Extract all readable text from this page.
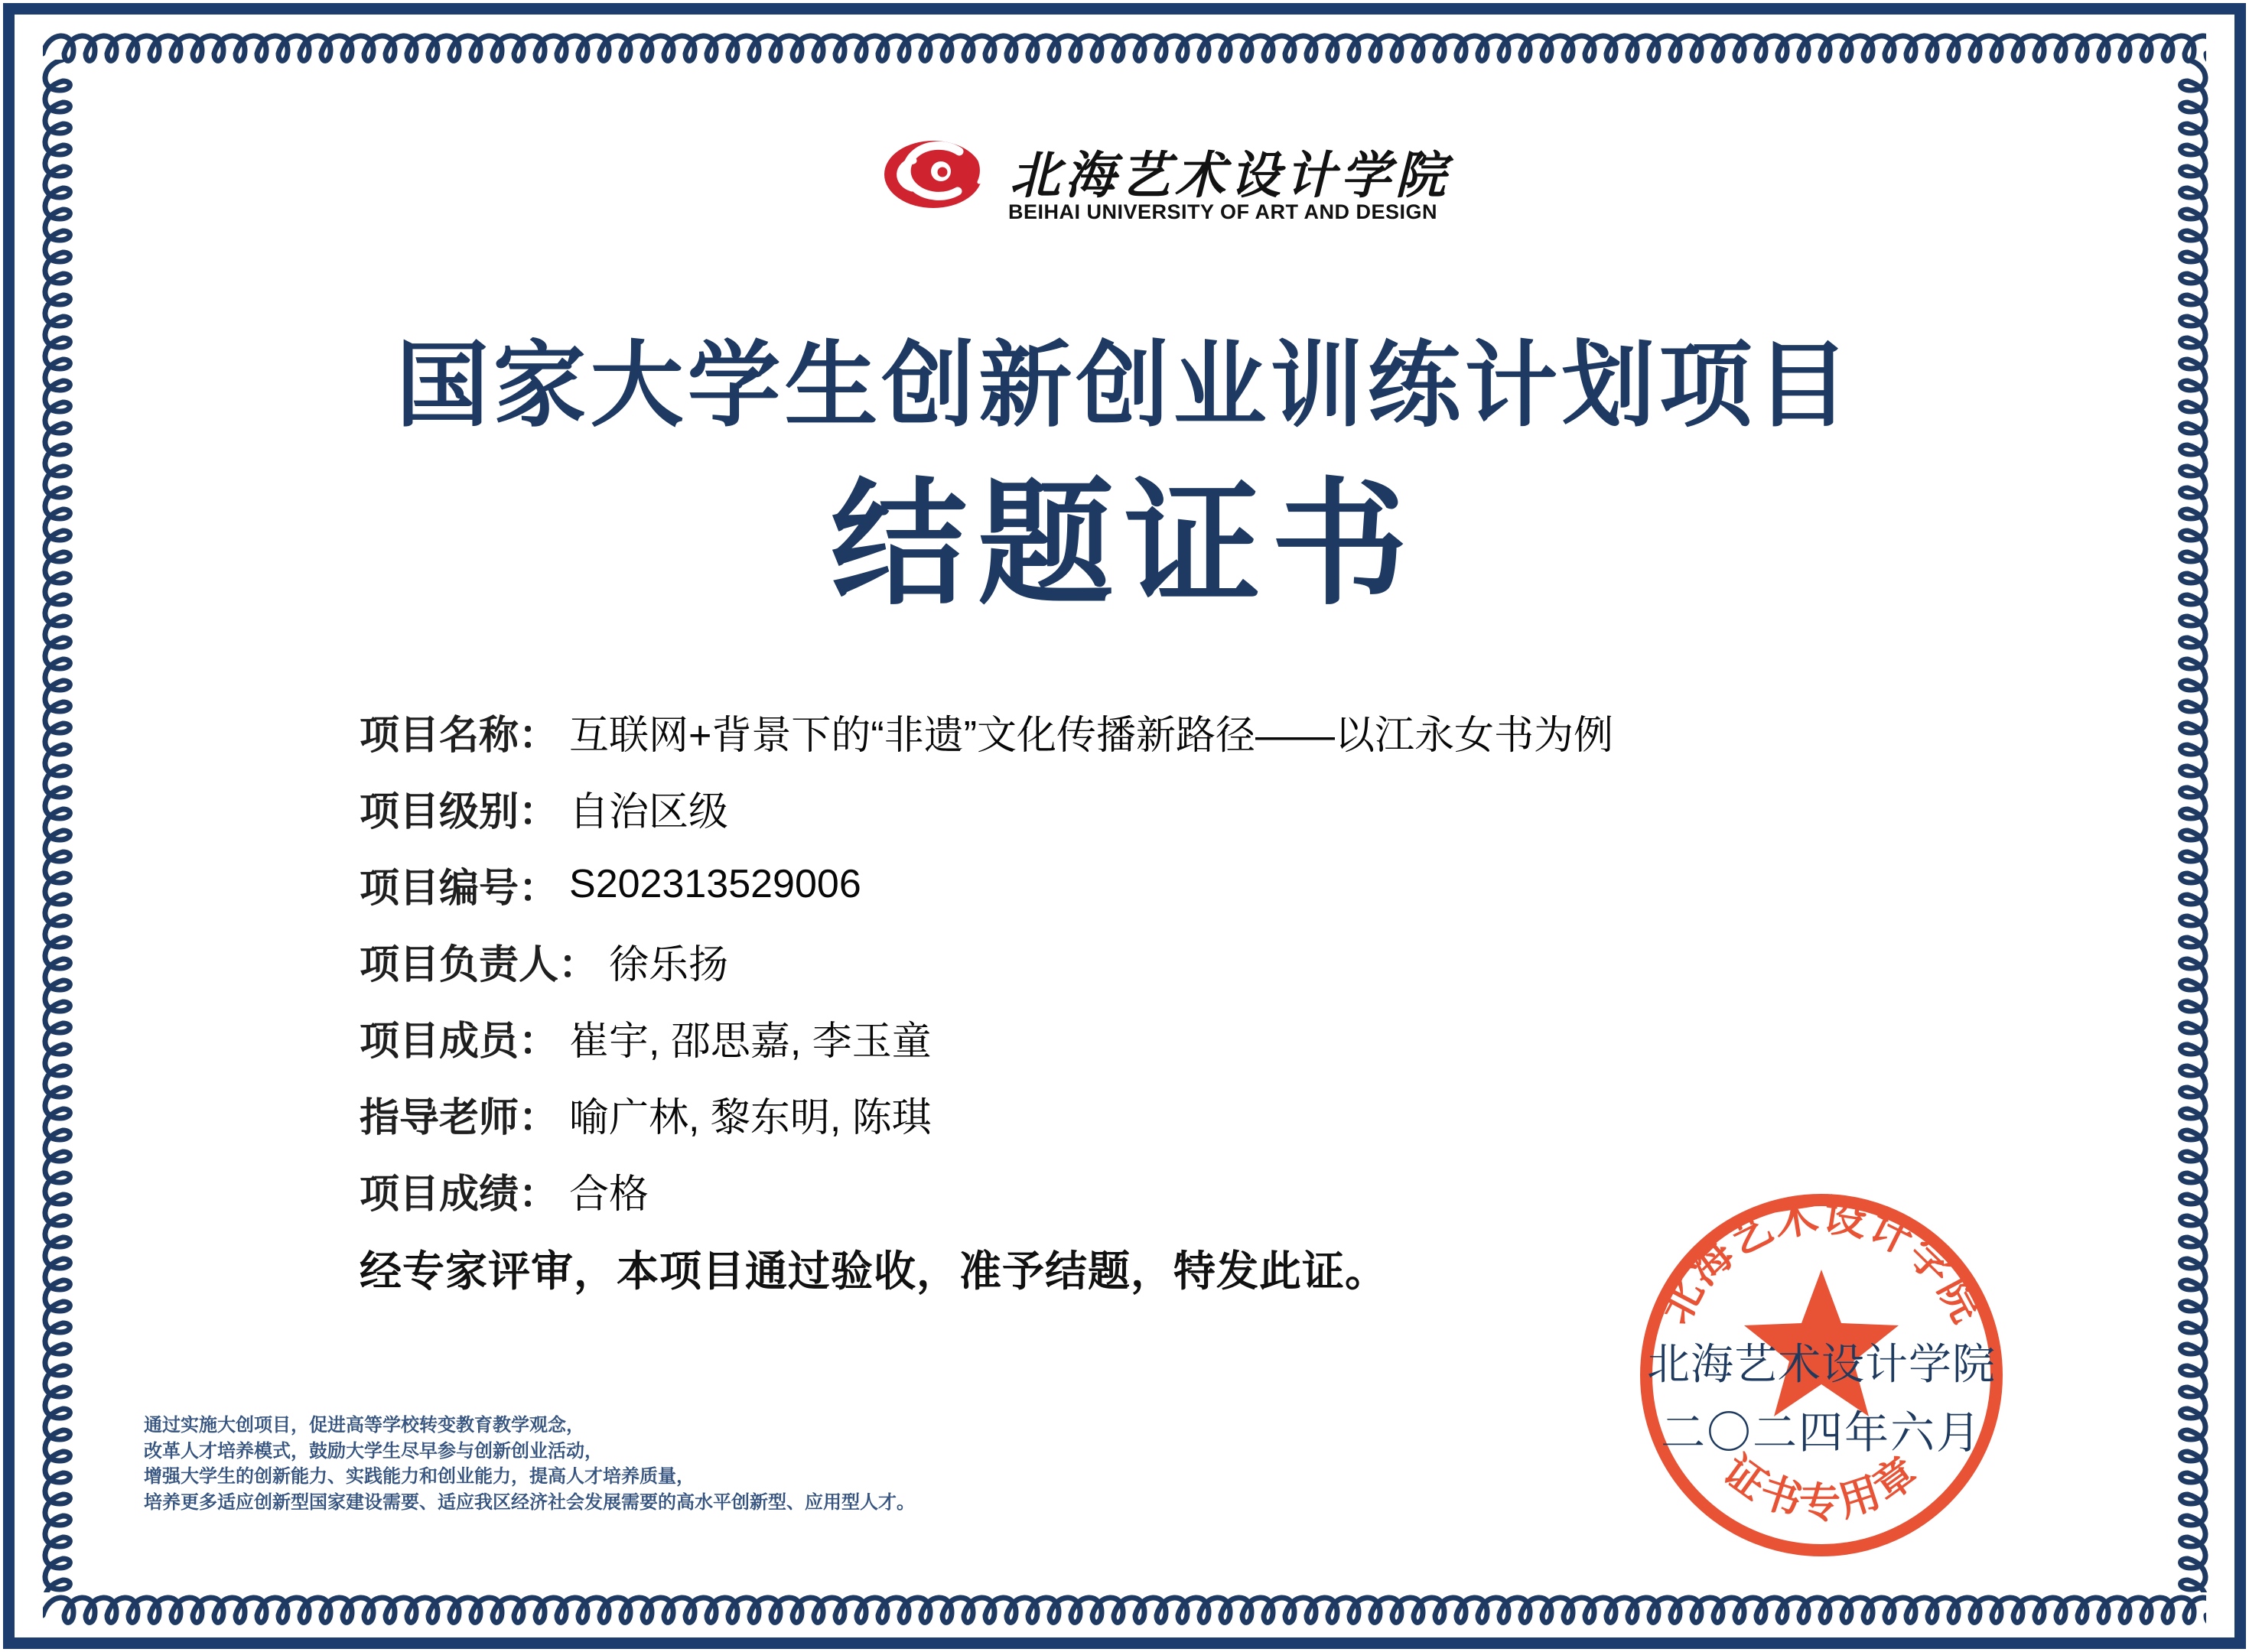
北海艺术设计学院
BEIHAI UNIVERSITY OF ART AND DESIGN
国家大学生创新创业训练计划项目
结题证书
项目名称： 互联网+背景下的“非遗”文化传播新路径——以江永女书为例
项目级别： 自治区级
项目编号： S202313529006
项目负责人： 徐乐扬
项目成员： 崔宇, 邵思嘉, 李玉童
指导老师： 喻广林, 黎东明, 陈琪
项目成绩： 合格
经专家评审，本项目通过验收，准予结题，特发此证。
通过实施大创项目，促进高等学校转变教育教学观念，
改革人才培养模式，鼓励大学生尽早参与创新创业活动，
增强大学生的创新能力、实践能力和创业能力，提高人才培养质量，
培养更多适应创新型国家建设需要、适应我区经济社会发展需要的高水平创新型、应用型人才。
北海艺术设计学院
证书专用章
北海艺术设计学院
二〇二四年六月
